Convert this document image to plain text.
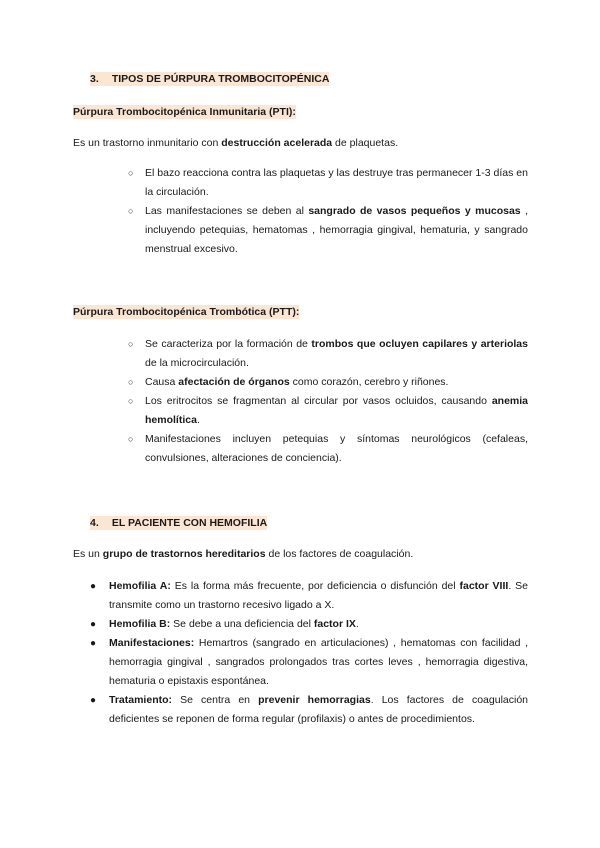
3. TIPOS DE PÚRPURA TROMBOCITOPÉNICA
Púrpura Trombocitopénica Inmunitaria (PTI):
Es un trastorno inmunitario con destrucción acelerada de plaquetas.
○ El bazo reacciona contra las plaquetas y las destruye tras permanecer 1-3 días en la circulación.
○ Las manifestaciones se deben al sangrado de vasos pequeños y mucosas , incluyendo petequias, hematomas , hemorragia gingival, hematuria, y sangrado menstrual excesivo.
Púrpura Trombocitopénica Trombótica (PTT):
○ Se caracteriza por la formación de trombos que ocluyen capilares y arteriolas de la microcirculación.
○ Causa afectación de órganos como corazón, cerebro y riñones.
○ Los eritrocitos se fragmentan al circular por vasos ocluidos, causando anemia hemolítica.
○ Manifestaciones incluyen petequias y síntomas neurológicos (cefaleas, convulsiones, alteraciones de conciencia).
4. EL PACIENTE CON HEMOFILIA
Es un grupo de trastornos hereditarios de los factores de coagulación.
● Hemofilia A: Es la forma más frecuente, por deficiencia o disfunción del factor VIII. Se transmite como un trastorno recesivo ligado a X.
● Hemofilia B: Se debe a una deficiencia del factor IX.
● Manifestaciones: Hemartros (sangrado en articulaciones) , hematomas con facilidad , hemorragia gingival , sangrados prolongados tras cortes leves , hemorragia digestiva, hematuria o epistaxis espontánea.
● Tratamiento: Se centra en prevenir hemorragias. Los factores de coagulación deficientes se reponen de forma regular (profilaxis) o antes de procedimientos.
